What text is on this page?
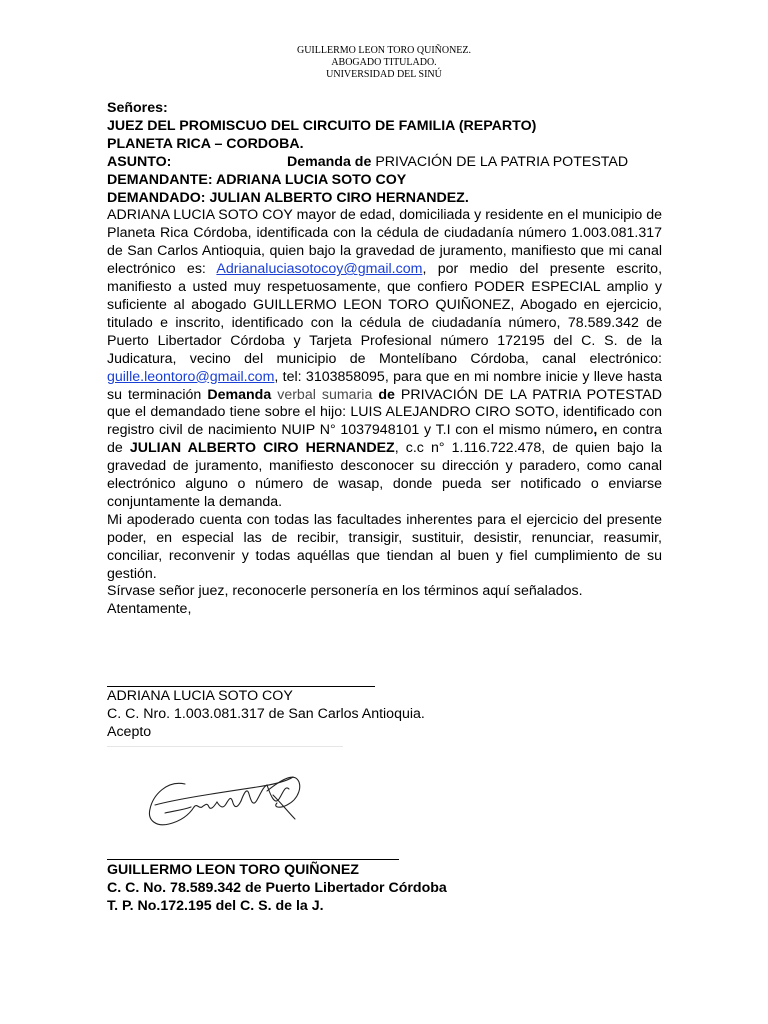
GUILLERMO LEON TORO QUIÑONEZ.
ABOGADO TITULADO.
UNIVERSIDAD DEL SINÚ
Señores:
JUEZ DEL PROMISCUO DEL CIRCUITO DE FAMILIA (REPARTO)
PLANETA RICA – CORDOBA.
ASUNTO:	Demanda de PRIVACIÓN DE LA PATRIA POTESTAD
DEMANDANTE: ADRIANA LUCIA SOTO COY
DEMANDADO: JULIAN ALBERTO CIRO HERNANDEZ.
ADRIANA LUCIA SOTO COY mayor de edad, domiciliada y residente en el municipio de Planeta Rica Córdoba, identificada con la cédula de ciudadanía número 1.003.081.317 de San Carlos Antioquia, quien bajo la gravedad de juramento, manifiesto que mi canal electrónico es: Adrianaluciasotocoy@gmail.com, por medio del presente escrito, manifiesto a usted muy respetuosamente, que confiero PODER ESPECIAL amplio y suficiente al abogado GUILLERMO LEON TORO QUIÑONEZ, Abogado en ejercicio, titulado e inscrito, identificado con la cédula de ciudadanía número, 78.589.342 de Puerto Libertador Córdoba y Tarjeta Profesional número 172195 del C. S. de la Judicatura, vecino del municipio de Montelíbano Córdoba, canal electrónico: guille.leontoro@gmail.com, tel: 3103858095, para que en mi nombre inicie y lleve hasta su terminación Demanda verbal sumaria de PRIVACIÓN DE LA PATRIA POTESTAD que el demandado tiene sobre el hijo: LUIS ALEJANDRO CIRO SOTO, identificado con registro civil de nacimiento NUIP N° 1037948101 y T.I con el mismo número, en contra de JULIAN ALBERTO CIRO HERNANDEZ, c.c n° 1.116.722.478, de quien bajo la gravedad de juramento, manifiesto desconocer su dirección y paradero, como canal electrónico alguno o número de wasap, donde pueda ser notificado o enviarse conjuntamente la demanda.
Mi apoderado cuenta con todas las facultades inherentes para el ejercicio del presente poder, en especial las de recibir, transigir, sustituir, desistir, renunciar, reasumir, conciliar, reconvenir y todas aquéllas que tiendan al buen y fiel cumplimiento de su gestión.
Sírvase señor juez, reconocerle personería en los términos aquí señalados.
Atentamente,
ADRIANA LUCIA SOTO COY
C. C. Nro. 1.003.081.317 de San Carlos Antioquia.
Acepto
GUILLERMO LEON TORO QUIÑONEZ
C. C. No. 78.589.342 de Puerto Libertador Córdoba
T. P. No.172.195 del C. S. de la J.
